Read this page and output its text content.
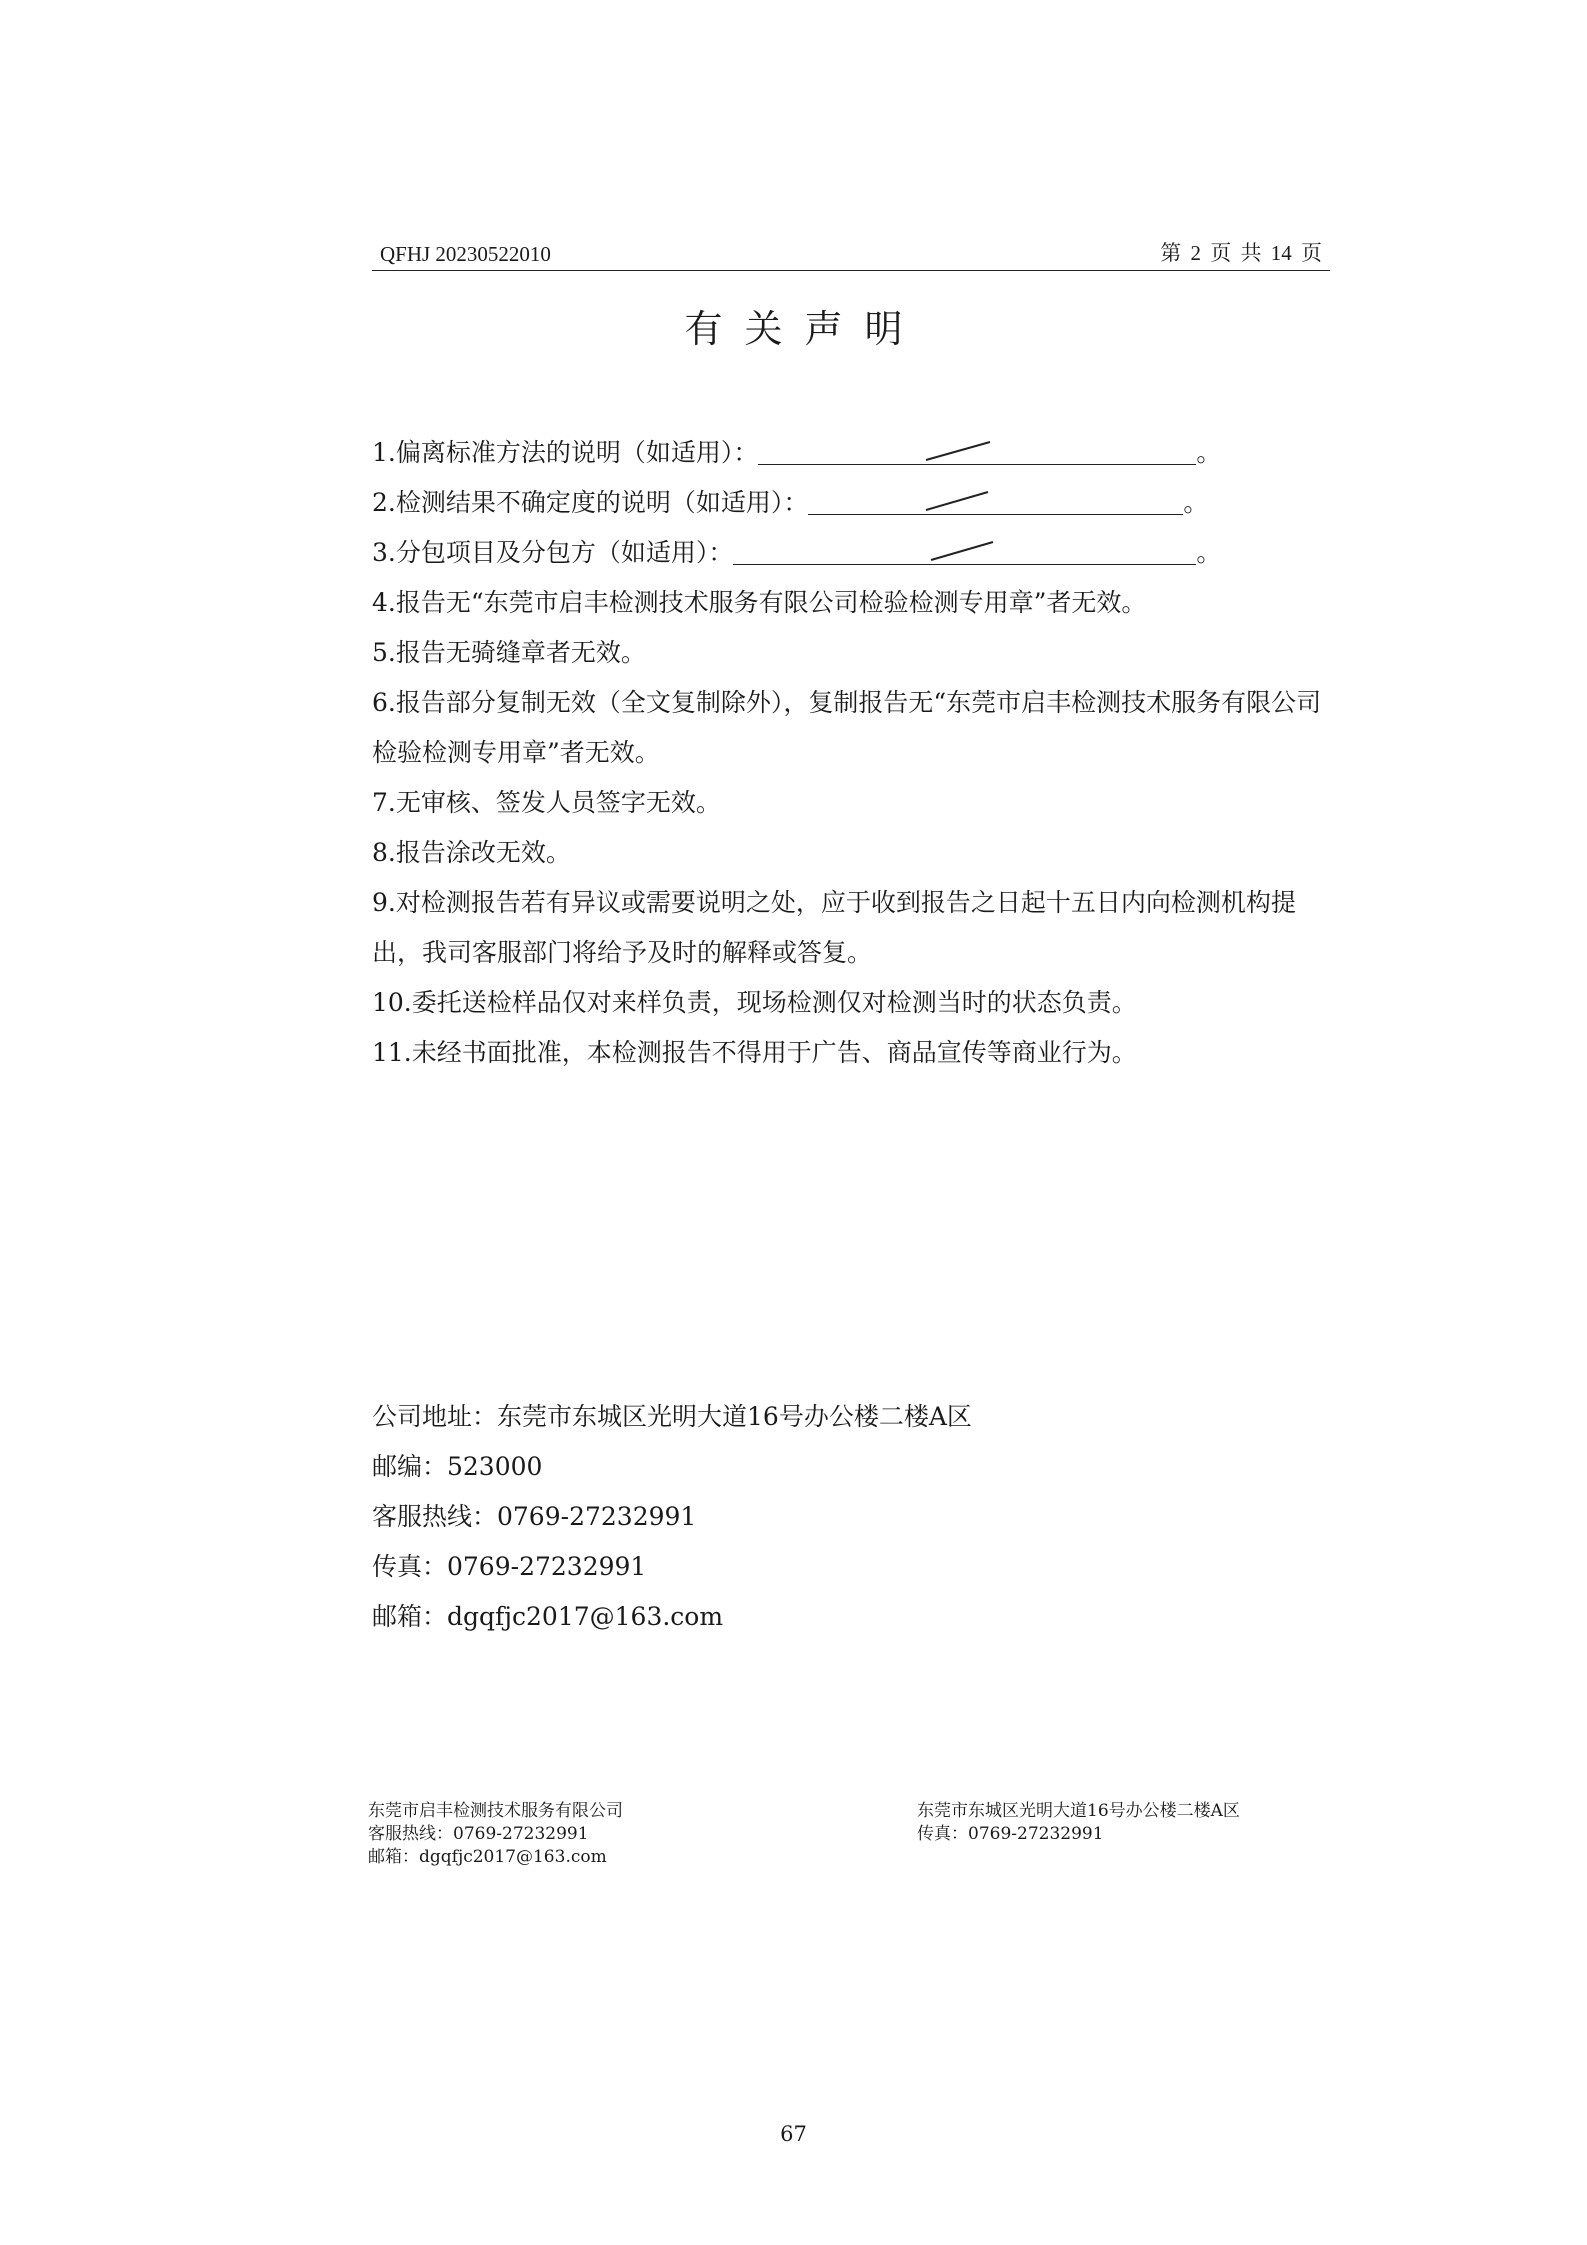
QFHJ 20230522010	第 2 页 共 14 页
有关声明
1.偏离标准方法的说明（如适用）：	。
2.检测结果不确定度的说明（如适用）：	。
3.分包项目及分包方（如适用）：	。
4.报告无“东莞市启丰检测技术服务有限公司检验检测专用章”者无效。
5.报告无骑缝章者无效。
6.报告部分复制无效（全文复制除外），复制报告无“东莞市启丰检测技术服务有限公司检验检测专用章”者无效。
7.无审核、签发人员签字无效。
8.报告涂改无效。
9.对检测报告若有异议或需要说明之处，应于收到报告之日起十五日内向检测机构提出，我司客服部门将给予及时的解释或答复。
10.委托送检样品仅对来样负责，现场检测仅对检测当时的状态负责。
11.未经书面批准，本检测报告不得用于广告、商品宣传等商业行为。
公司地址：东莞市东城区光明大道16号办公楼二楼A区
邮编：523000
客服热线：0769-27232991
传真：0769-27232991
邮箱：dgqfjc2017@163.com
东莞市启丰检测技术服务有限公司
客服热线：0769-27232991
邮箱：dgqfjc2017@163.com
东莞市东城区光明大道16号办公楼二楼A区
传真：0769-27232991
67
